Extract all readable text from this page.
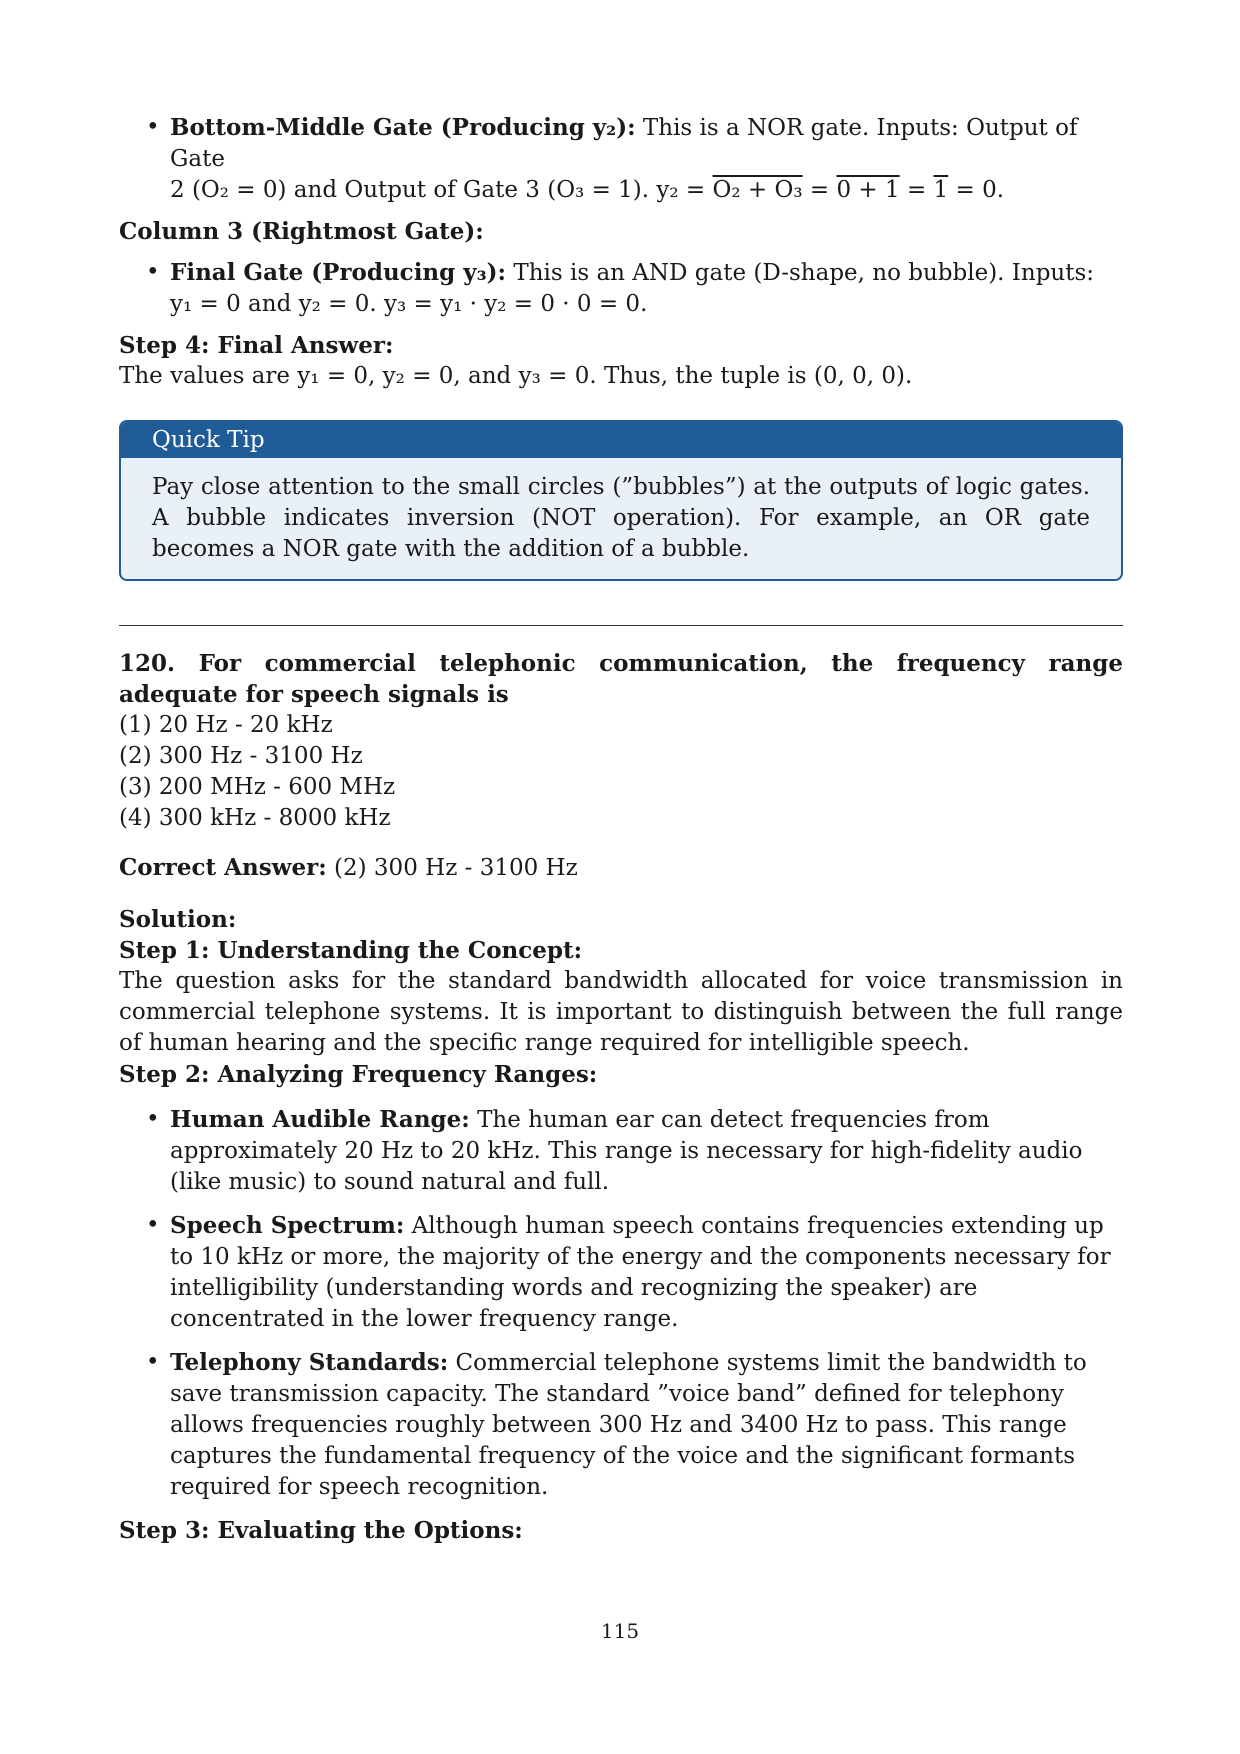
• Bottom-Middle Gate (Producing y₂): This is a NOR gate. Inputs: Output of Gate
2 (O₂ = 0) and Output of Gate 3 (O₃ = 1). y₂ = O₂ + O₃ = 0 + 1 = 1 = 0.
Column 3 (Rightmost Gate):
• Final Gate (Producing y₃): This is an AND gate (D-shape, no bubble). Inputs:
y₁ = 0 and y₂ = 0. y₃ = y₁ · y₂ = 0 · 0 = 0.
Step 4: Final Answer:
The values are y₁ = 0, y₂ = 0, and y₃ = 0. Thus, the tuple is (0, 0, 0).
Quick Tip
Pay close attention to the small circles (”bubbles”) at the outputs of logic gates. A bubble indicates inversion (NOT operation). For example, an OR gate becomes a NOR gate with the addition of a bubble.
120. For commercial telephonic communication, the frequency range adequate for speech signals is
(1) 20 Hz - 20 kHz
(2) 300 Hz - 3100 Hz
(3) 200 MHz - 600 MHz
(4) 300 kHz - 8000 kHz
Correct Answer: (2) 300 Hz - 3100 Hz
Solution:
Step 1: Understanding the Concept:
The question asks for the standard bandwidth allocated for voice transmission in commercial telephone systems. It is important to distinguish between the full range of human hearing and the specific range required for intelligible speech.
Step 2: Analyzing Frequency Ranges:
• Human Audible Range: The human ear can detect frequencies from approximately 20 Hz to 20 kHz. This range is necessary for high-fidelity audio (like music) to sound natural and full.
• Speech Spectrum: Although human speech contains frequencies extending up to 10 kHz or more, the majority of the energy and the components necessary for intelligibility (understanding words and recognizing the speaker) are concentrated in the lower frequency range.
• Telephony Standards: Commercial telephone systems limit the bandwidth to save transmission capacity. The standard ”voice band” defined for telephony allows frequencies roughly between 300 Hz and 3400 Hz to pass. This range captures the fundamental frequency of the voice and the significant formants required for speech recognition.
Step 3: Evaluating the Options:
115
